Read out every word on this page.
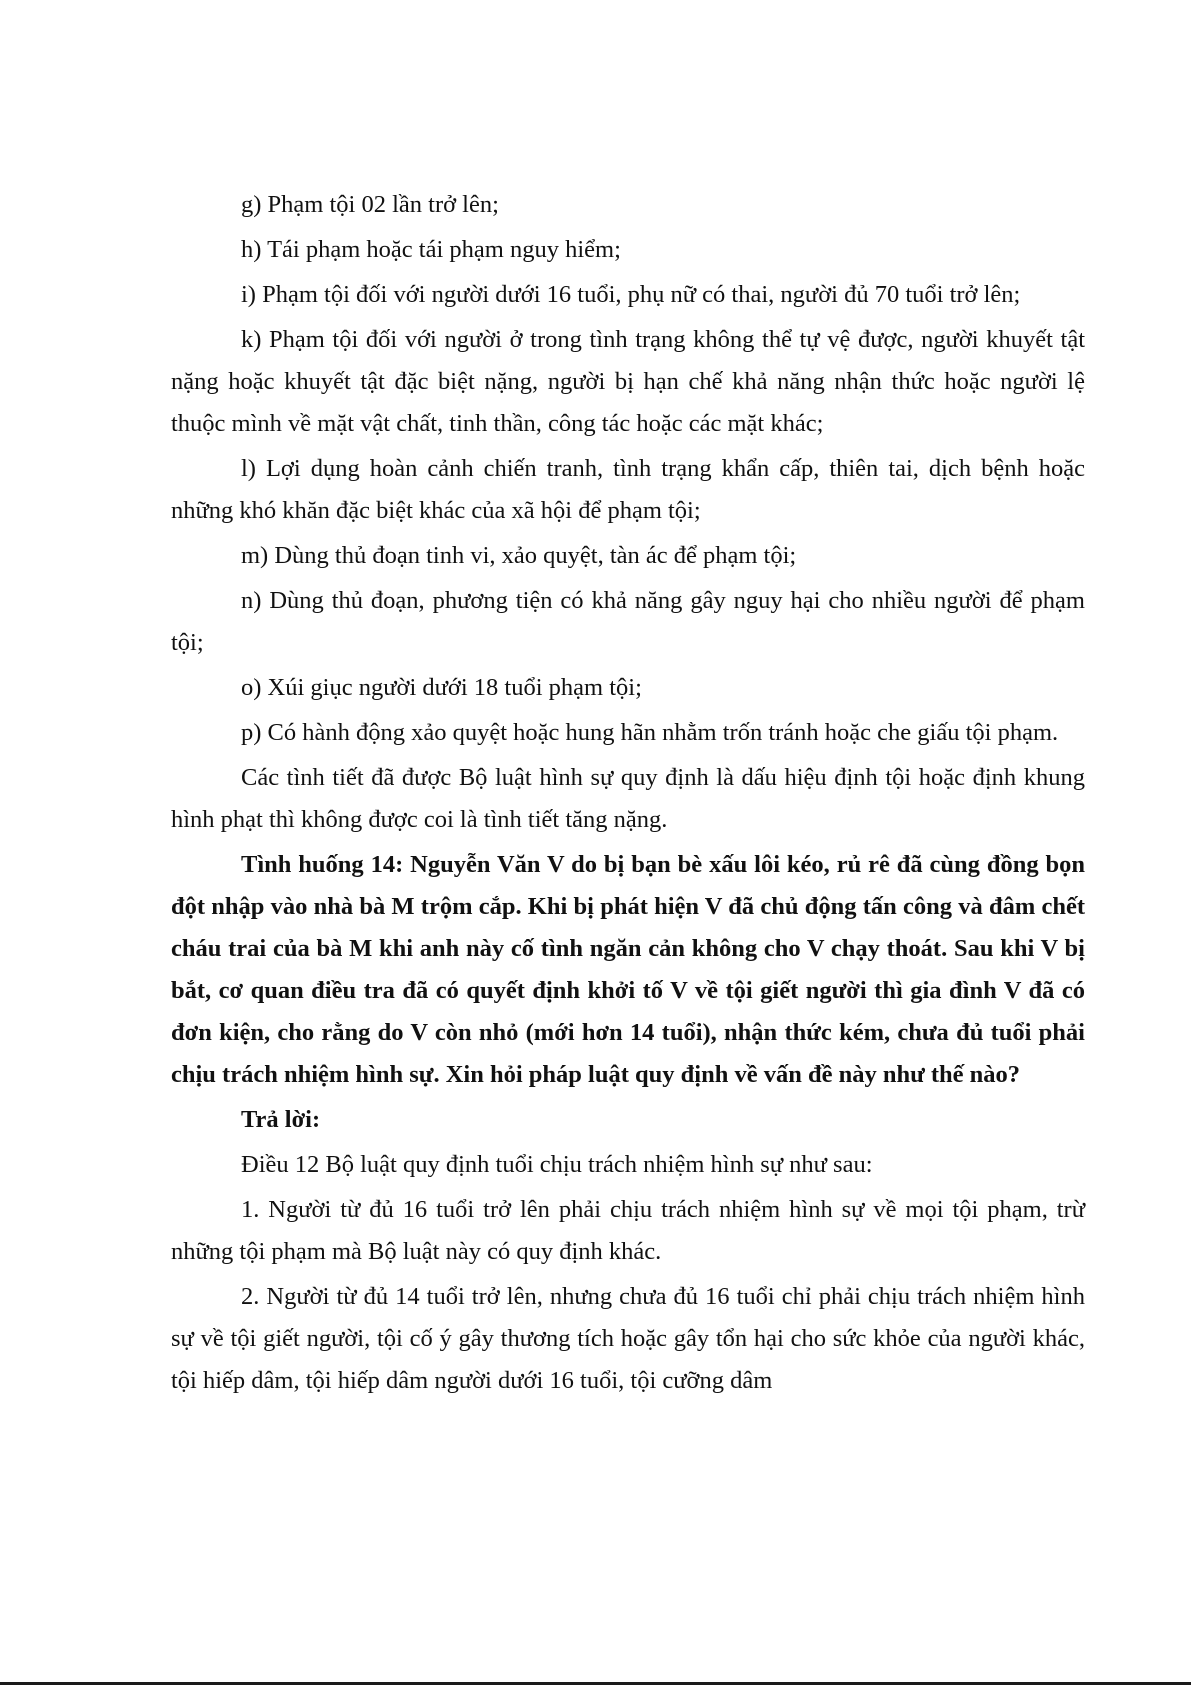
g) Phạm tội 02 lần trở lên;

h) Tái phạm hoặc tái phạm nguy hiểm;

i) Phạm tội đối với người dưới 16 tuổi, phụ nữ có thai, người đủ 70 tuổi trở lên;

k) Phạm tội đối với người ở trong tình trạng không thể tự vệ được, người khuyết tật nặng hoặc khuyết tật đặc biệt nặng, người bị hạn chế khả năng nhận thức hoặc người lệ thuộc mình về mặt vật chất, tinh thần, công tác hoặc các mặt khác;

l) Lợi dụng hoàn cảnh chiến tranh, tình trạng khẩn cấp, thiên tai, dịch bệnh hoặc những khó khăn đặc biệt khác của xã hội để phạm tội;

m) Dùng thủ đoạn tinh vi, xảo quyệt, tàn ác để phạm tội;

n) Dùng thủ đoạn, phương tiện có khả năng gây nguy hại cho nhiều người để phạm tội;

o) Xúi giục người dưới 18 tuổi phạm tội;

p) Có hành động xảo quyệt hoặc hung hãn nhằm trốn tránh hoặc che giấu tội phạm.

Các tình tiết đã được Bộ luật hình sự quy định là dấu hiệu định tội hoặc định khung hình phạt thì không được coi là tình tiết tăng nặng.

Tình huống 14: Nguyễn Văn V do bị bạn bè xấu lôi kéo, rủ rê đã cùng đồng bọn đột nhập vào nhà bà M trộm cắp. Khi bị phát hiện V đã chủ động tấn công và đâm chết cháu trai của bà M khi anh này cố tình ngăn cản không cho V chạy thoát. Sau khi V bị bắt, cơ quan điều tra đã có quyết định khởi tố V về tội giết người thì gia đình V đã có đơn kiện, cho rằng do V còn nhỏ (mới hơn 14 tuổi), nhận thức kém, chưa đủ tuổi phải chịu trách nhiệm hình sự. Xin hỏi pháp luật quy định về vấn đề này như thế nào?

Trả lời:

Điều 12 Bộ luật quy định tuổi chịu trách nhiệm hình sự như sau:

1. Người từ đủ 16 tuổi trở lên phải chịu trách nhiệm hình sự về mọi tội phạm, trừ những tội phạm mà Bộ luật này có quy định khác.

2. Người từ đủ 14 tuổi trở lên, nhưng chưa đủ 16 tuổi chỉ phải chịu trách nhiệm hình sự về tội giết người, tội cố ý gây thương tích hoặc gây tổn hại cho sức khỏe của người khác, tội hiếp dâm, tội hiếp dâm người dưới 16 tuổi, tội cưỡng dâm
